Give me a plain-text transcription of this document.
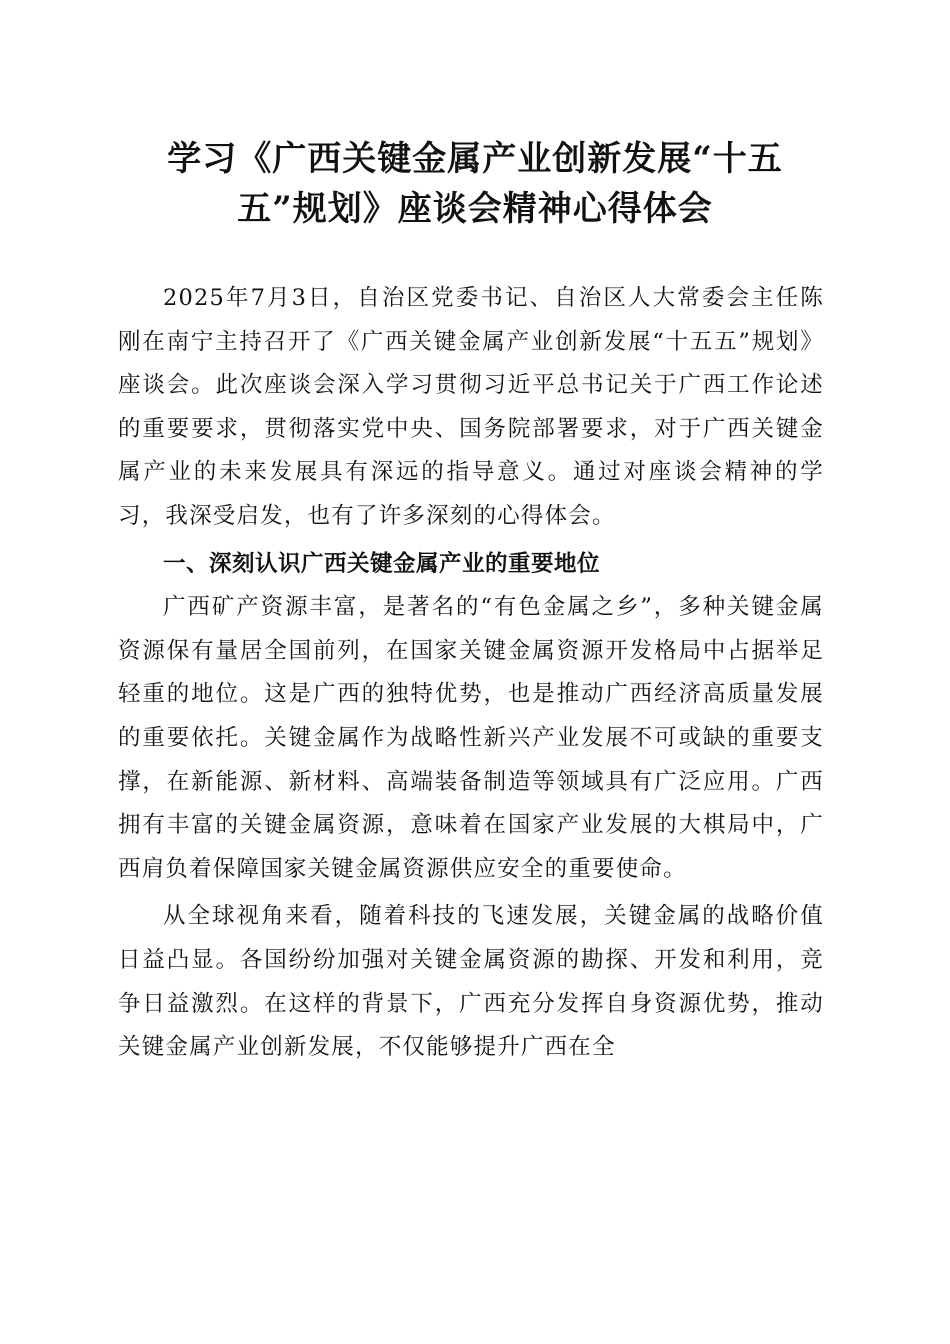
学习《广西关键金属产业创新发展“十五
五”规划》座谈会精神心得体会

2025年7月3日，自治区党委书记、自治区人大常委会主任陈刚在南宁主持召开了《广西关键金属产业创新发展“十五五”规划》座谈会。此次座谈会深入学习贯彻习近平总书记关于广西工作论述的重要要求，贯彻落实党中央、国务院部署要求，对于广西关键金属产业的未来发展具有深远的指导意义。通过对座谈会精神的学习，我深受启发，也有了许多深刻的心得体会。

一、深刻认识广西关键金属产业的重要地位

广西矿产资源丰富，是著名的“有色金属之乡”，多种关键金属资源保有量居全国前列，在国家关键金属资源开发格局中占据举足轻重的地位。这是广西的独特优势，也是推动广西经济高质量发展的重要依托。关键金属作为战略性新兴产业发展不可或缺的重要支撑，在新能源、新材料、高端装备制造等领域具有广泛应用。广西拥有丰富的关键金属资源，意味着在国家产业发展的大棋局中，广西肩负着保障国家关键金属资源供应安全的重要使命。

从全球视角来看，随着科技的飞速发展，关键金属的战略价值日益凸显。各国纷纷加强对关键金属资源的勘探、开发和利用，竞争日益激烈。在这样的背景下，广西充分发挥自身资源优势，推动关键金属产业创新发展，不仅能够提升广西在全
